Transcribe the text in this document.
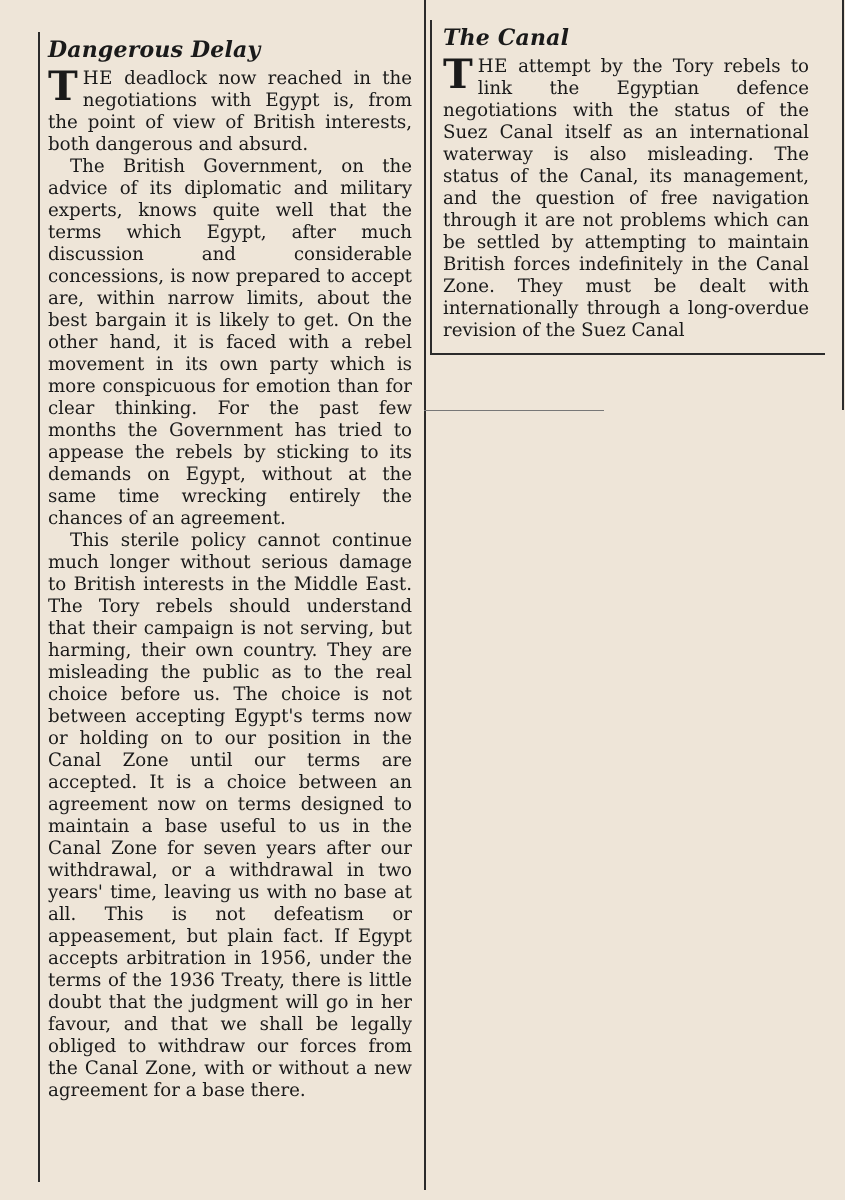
Dangerous Delay

THE deadlock now reached in the negotiations with Egypt is, from the point of view of British interests, both dangerous and absurd.

The British Government, on the advice of its diplomatic and military experts, knows quite well that the terms which Egypt, after much discussion and considerable concessions, is now prepared to accept are, within narrow limits, about the best bargain it is likely to get. On the other hand, it is faced with a rebel movement in its own party which is more conspicuous for emotion than for clear thinking. For the past few months the Government has tried to appease the rebels by sticking to its demands on Egypt, without at the same time wrecking entirely the chances of an agreement.

This sterile policy cannot continue much longer without serious damage to British interests in the Middle East. The Tory rebels should understand that their campaign is not serving, but harming, their own country. They are misleading the public as to the real choice before us. The choice is not between accepting Egypt's terms now or holding on to our position in the Canal Zone until our terms are accepted. It is a choice between an agreement now on terms designed to maintain a base useful to us in the Canal Zone for seven years after our withdrawal, or a withdrawal in two years' time, leaving us with no base at all. This is not defeatism or appeasement, but plain fact. If Egypt accepts arbitration in 1956, under the terms of the 1936 Treaty, there is little doubt that the judgment will go in her favour, and that we shall be legally obliged to withdraw our forces from the Canal Zone, with or without a new agreement for a base there.

The Canal

THE attempt by the Tory rebels to link the Egyptian defence negotiations with the status of the Suez Canal itself as an international waterway is also misleading. The status of the Canal, its management, and the question of free navigation through it are not problems which can be settled by attempting to maintain British forces indefinitely in the Canal Zone. They must be dealt with internationally through a long-overdue revision of the Suez Canal
